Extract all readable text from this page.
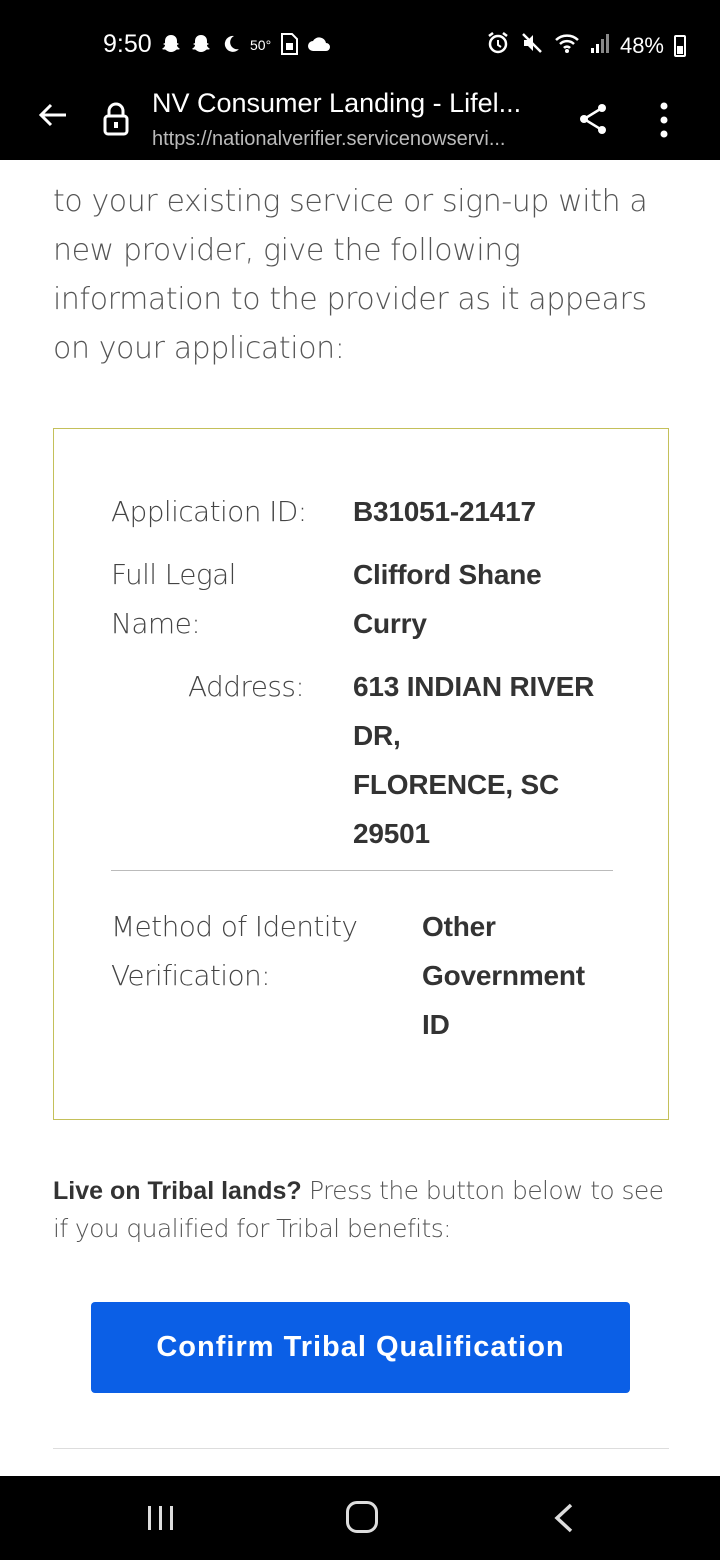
9:50	50°	48%
NV Consumer Landing - Lifel...
https://nationalverifier.servicenowservi...

to your existing service or sign-up with a new provider, give the following information to the provider as it appears on your application:

Application ID: B31051-21417
Full Legal
Name:
Clifford Shane
Curry
Address: 613 INDIAN RIVER
DR,
FLORENCE, SC
29501
Method of Identity
Verification:
Other
Government
ID

Live on Tribal lands? Press the button below to see if you qualified for Tribal benefits:

Confirm Tribal Qualification
